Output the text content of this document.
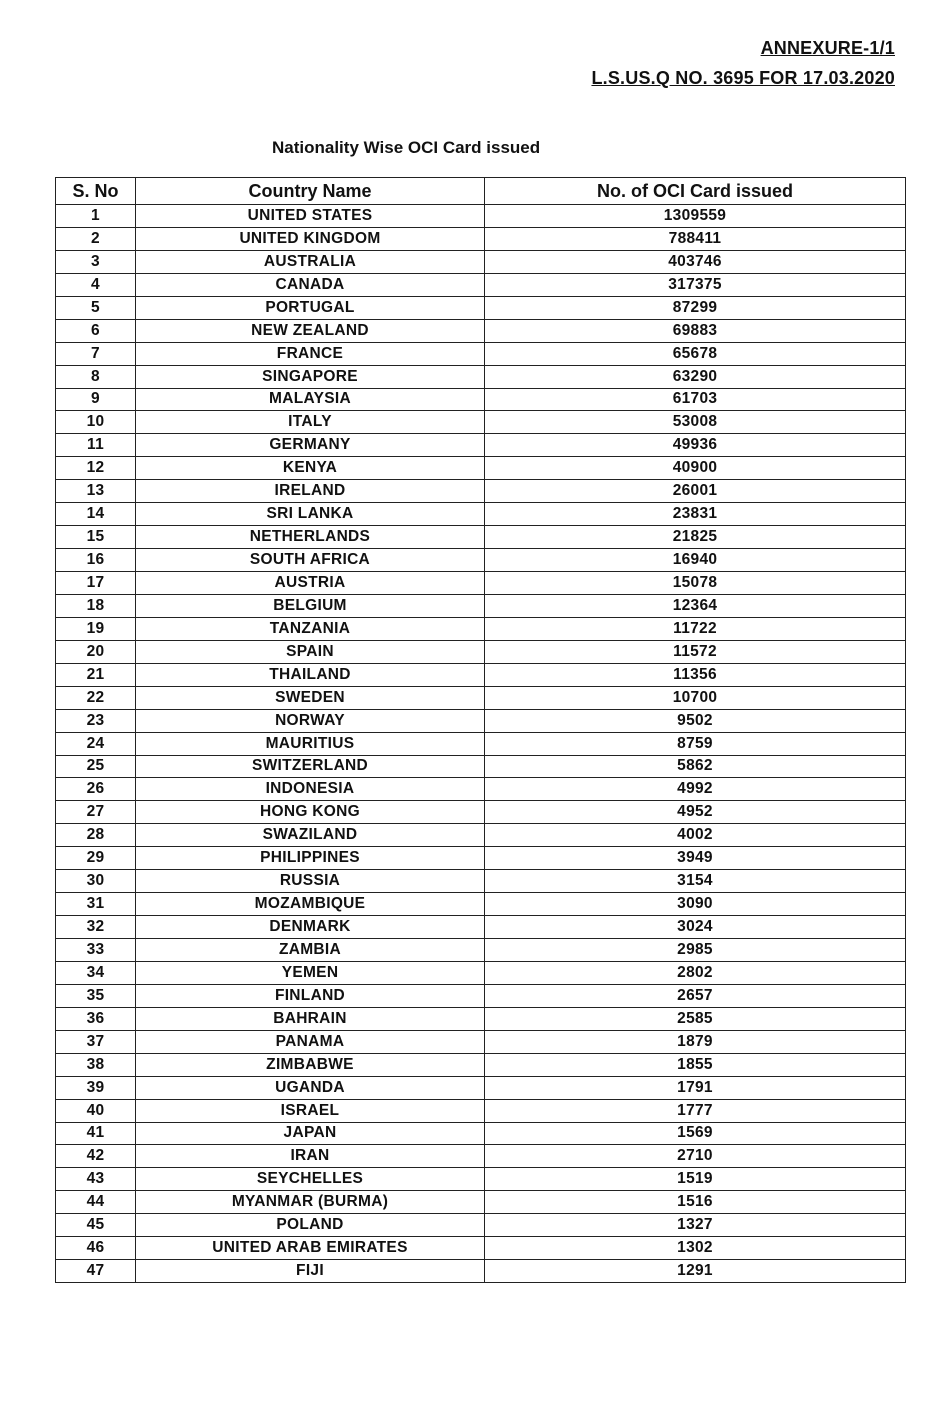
ANNEXURE-1/1
L.S.US.Q NO. 3695 FOR 17.03.2020
Nationality Wise OCI Card issued
S. No	Country Name	No. of OCI Card issued
1	UNITED STATES	1309559
2	UNITED KINGDOM	788411
3	AUSTRALIA	403746
4	CANADA	317375
5	PORTUGAL	87299
6	NEW ZEALAND	69883
7	FRANCE	65678
8	SINGAPORE	63290
9	MALAYSIA	61703
10	ITALY	53008
11	GERMANY	49936
12	KENYA	40900
13	IRELAND	26001
14	SRI LANKA	23831
15	NETHERLANDS	21825
16	SOUTH AFRICA	16940
17	AUSTRIA	15078
18	BELGIUM	12364
19	TANZANIA	11722
20	SPAIN	11572
21	THAILAND	11356
22	SWEDEN	10700
23	NORWAY	9502
24	MAURITIUS	8759
25	SWITZERLAND	5862
26	INDONESIA	4992
27	HONG KONG	4952
28	SWAZILAND	4002
29	PHILIPPINES	3949
30	RUSSIA	3154
31	MOZAMBIQUE	3090
32	DENMARK	3024
33	ZAMBIA	2985
34	YEMEN	2802
35	FINLAND	2657
36	BAHRAIN	2585
37	PANAMA	1879
38	ZIMBABWE	1855
39	UGANDA	1791
40	ISRAEL	1777
41	JAPAN	1569
42	IRAN	2710
43	SEYCHELLES	1519
44	MYANMAR (BURMA)	1516
45	POLAND	1327
46	UNITED ARAB EMIRATES	1302
47	FIJI	1291
